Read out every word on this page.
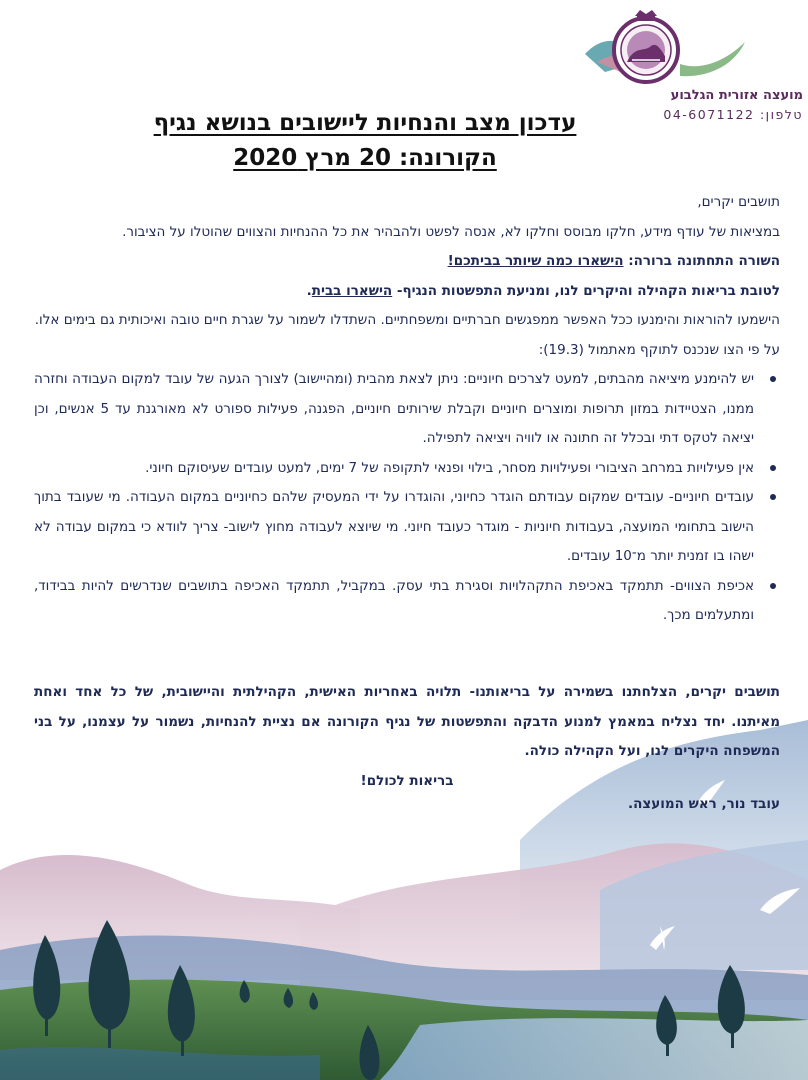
מועצה אזורית הגלבוע
טלפון: 04-6071122
עדכון מצב והנחיות ליישובים בנושא נגיף
הקורונה: 20 מרץ 2020

תושבים יקרים,

במציאות של עודף מידע, חלקו מבוסס וחלקו לא, אנסה לפשט ולהבהיר את כל ההנחיות והצווים שהוטלו על הציבור.

השורה התחתונה ברורה: הישארו כמה שיותר בביתכם!

לטובת בריאות הקהילה והיקרים לנו, ומניעת התפשטות הנגיף- הישארו בבית.

הישמעו להוראות והימנעו ככל האפשר ממפגשים חברתיים ומשפחתיים. השתדלו לשמור על שגרת חיים טובה ואיכותית גם בימים אלו.

על פי הצו שנכנס לתוקף מאתמול (19.3):

יש להימנע מיציאה מהבתים, למעט לצרכים חיוניים: ניתן לצאת מהבית (ומהיישוב) לצורך הגעה של עובד למקום העבודה וחזרה ממנו, הצטיידות במזון תרופות ומוצרים חיוניים וקבלת שירותים חיוניים, הפגנה, פעילות ספורט לא מאורגנת עד 5 אנשים, וכן יציאה לטקס דתי ובכלל זה חתונה או לוויה ויציאה לתפילה.
אין פעילויות במרחב הציבורי ופעילויות מסחר, בילוי ופנאי לתקופה של 7 ימים, למעט עובדים שעיסוקם חיוני.
עובדים חיוניים- עובדים שמקום עבודתם הוגדר כחיוני, והוגדרו על ידי המעסיק שלהם כחיוניים במקום העבודה. מי שעובד בתוך הישוב בתחומי המועצה, בעבודות חיוניות - מוגדר כעובד חיוני. מי שיוצא לעבודה מחוץ לישוב- צריך לוודא כי במקום עבודה לא ישהו בו זמנית יותר מ־10 עובדים.
אכיפת הצווים- תתמקד באכיפת התקהלויות וסגירת בתי עסק. במקביל, תתמקד האכיפה בתושבים שנדרשים להיות בבידוד, ומתעלמים מכך.

תושבים יקרים, הצלחתנו בשמירה על בריאותנו- תלויה באחריות האישית, הקהילתית והיישובית, של כל אחד ואחת מאיתנו. יחד נצליח במאמץ למנוע הדבקה והתפשטות של נגיף הקורונה אם נציית להנחיות, נשמור על עצמנו, על בני המשפחה היקרים לנו, ועל הקהילה כולה.

בריאות לכולם!

עובד נור, ראש המועצה.
